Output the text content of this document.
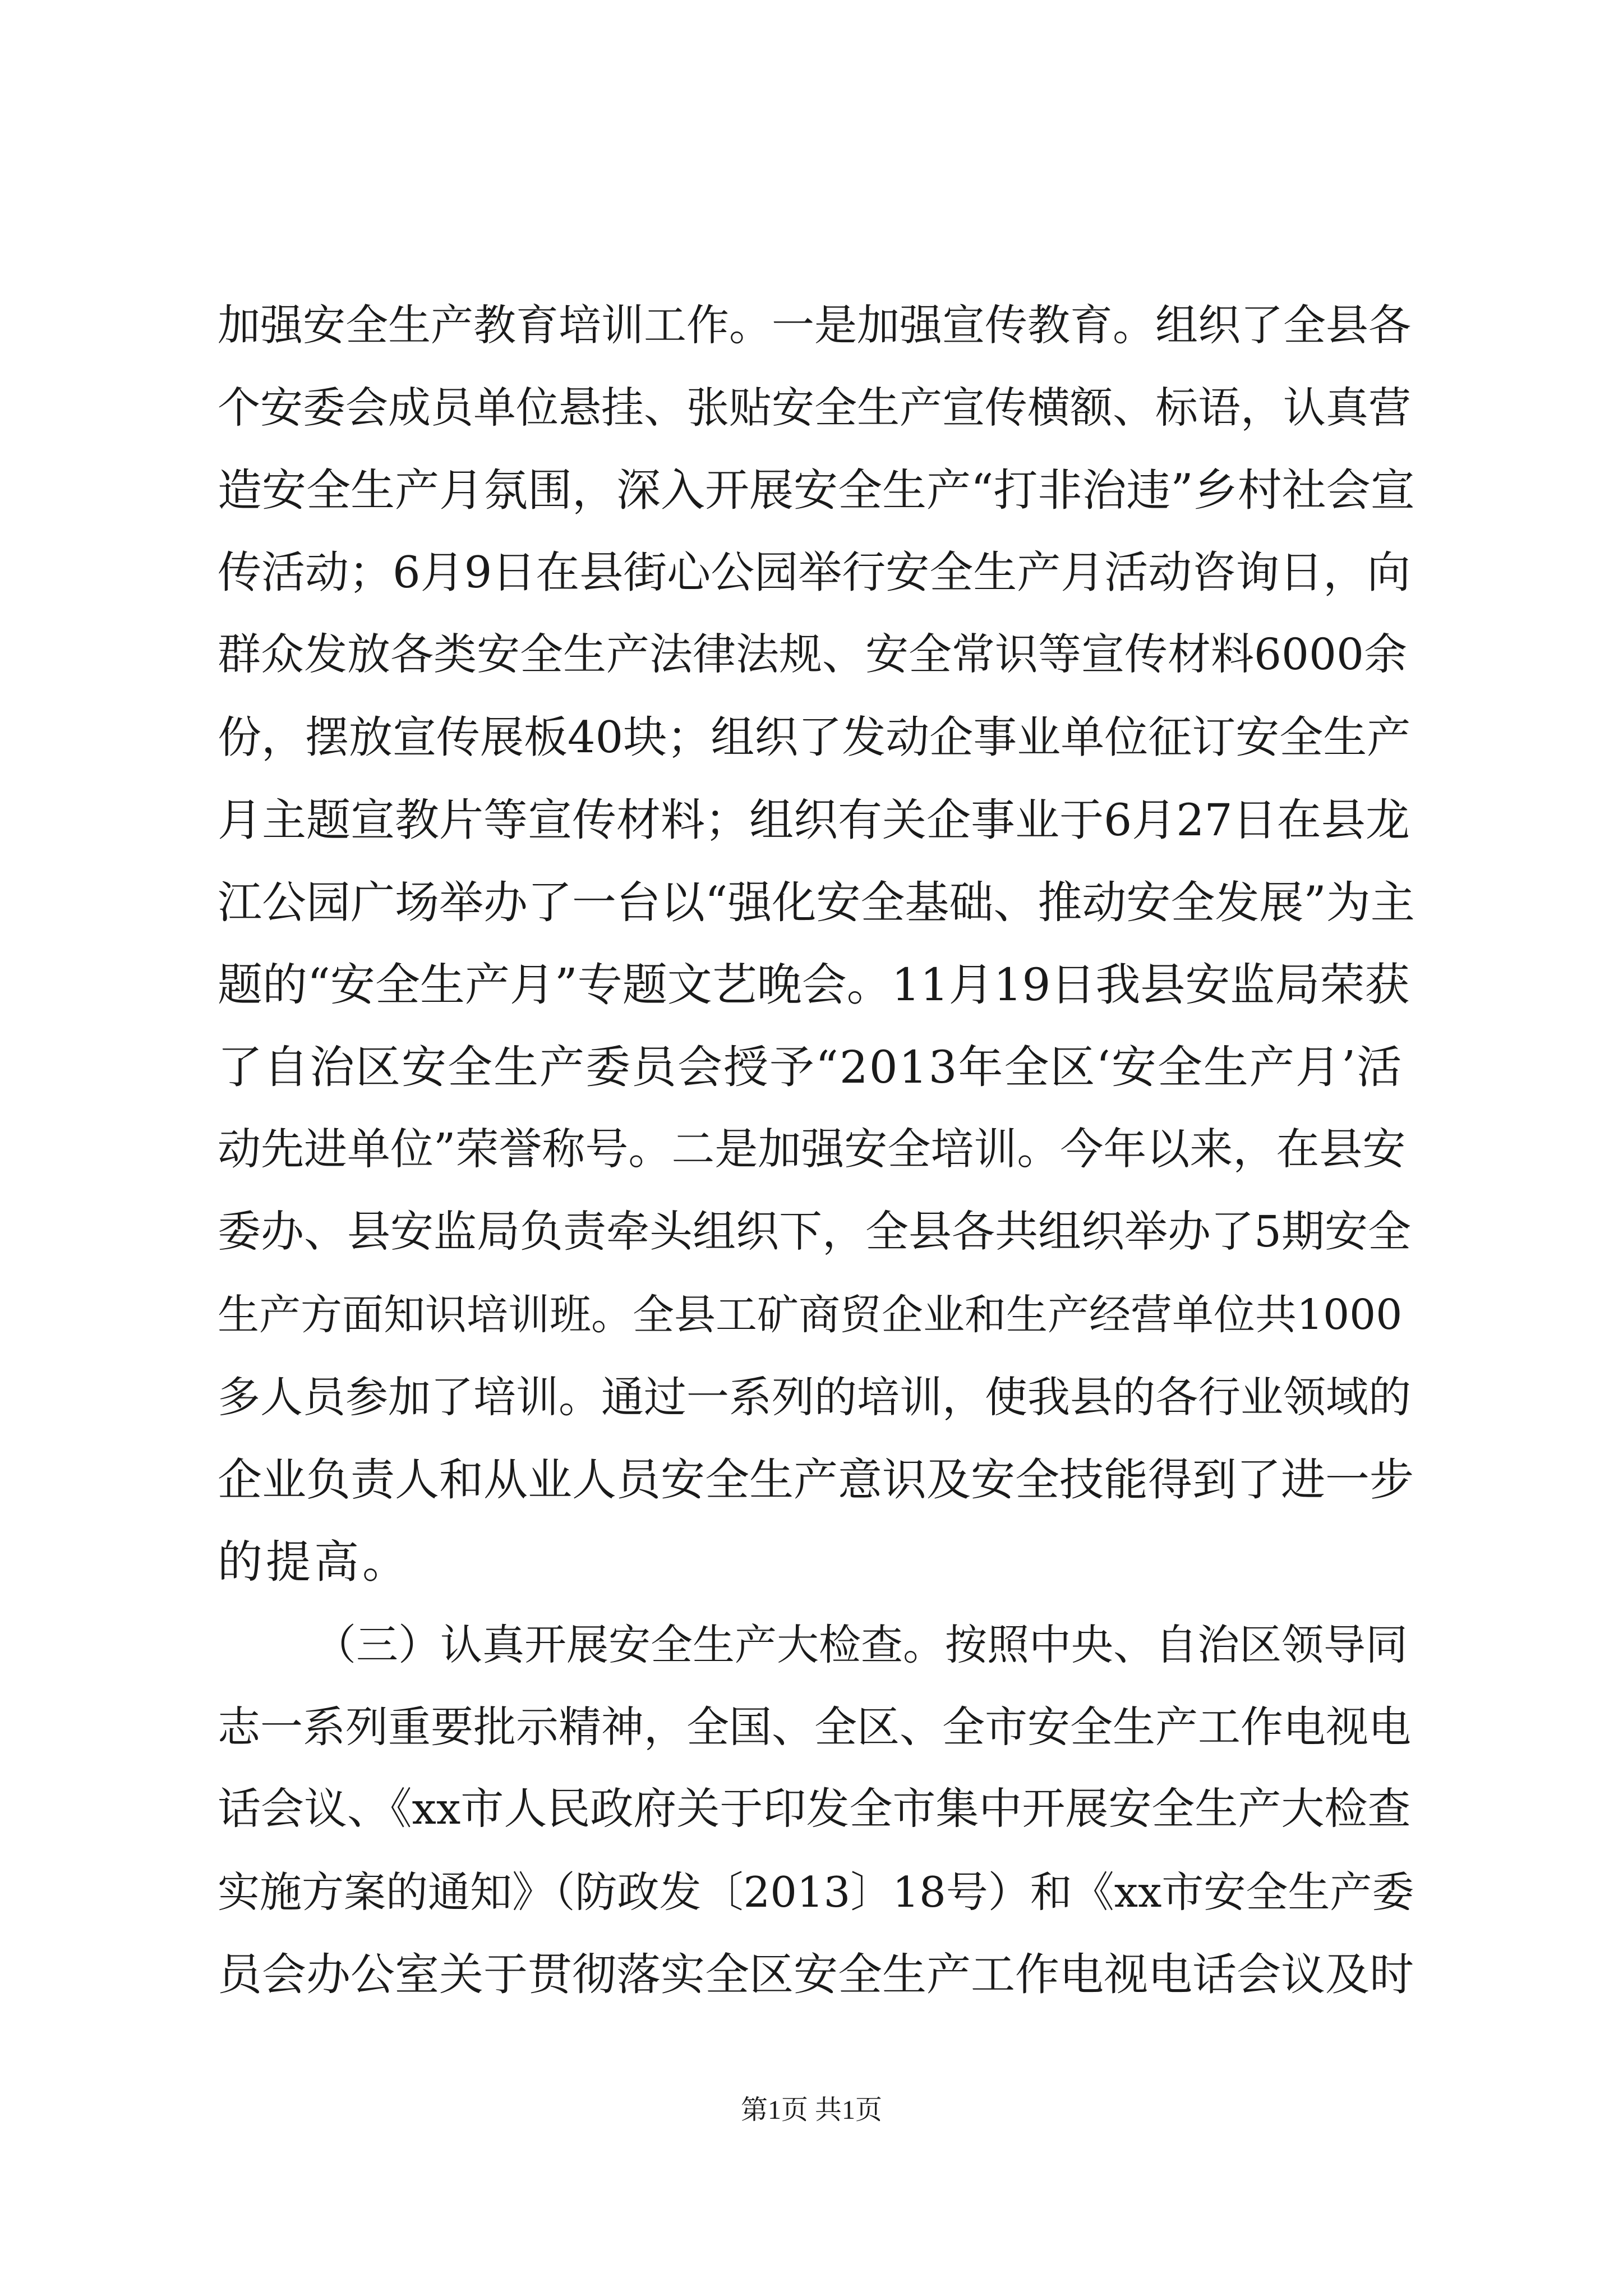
加强安全生产教育培训工作。一是加强宣传教育。组织了全县各
个安委会成员单位悬挂、张贴安全生产宣传横额、标语，认真营
造安全生产月氛围，深入开展安全生产“打非治违”乡村社会宣
传活动；6月9日在县街心公园举行安全生产月活动咨询日，向
群众发放各类安全生产法律法规、安全常识等宣传材料6000余
份，摆放宣传展板40块；组织了发动企事业单位征订安全生产
月主题宣教片等宣传材料；组织有关企事业于6月27日在县龙
江公园广场举办了一台以“强化安全基础、推动安全发展”为主
题的“安全生产月”专题文艺晚会。11月19日我县安监局荣获
了自治区安全生产委员会授予“2013年全区‘安全生产月’活
动先进单位”荣誉称号。二是加强安全培训。今年以来，在县安
委办、县安监局负责牵头组织下，全县各共组织举办了5期安全
生产方面知识培训班。全县工矿商贸企业和生产经营单位共1000
多人员参加了培训。通过一系列的培训，使我县的各行业领域的
企业负责人和从业人员安全生产意识及安全技能得到了进一步
的提高。
（三）认真开展安全生产大检查。按照中央、自治区领导同
志一系列重要批示精神，全国、全区、全市安全生产工作电视电
话会议、《xx市人民政府关于印发全市集中开展安全生产大检查
实施方案的通知》（防政发〔2013〕18号）和《xx市安全生产委
员会办公室关于贯彻落实全区安全生产工作电视电话会议及时
第1页 共1页
